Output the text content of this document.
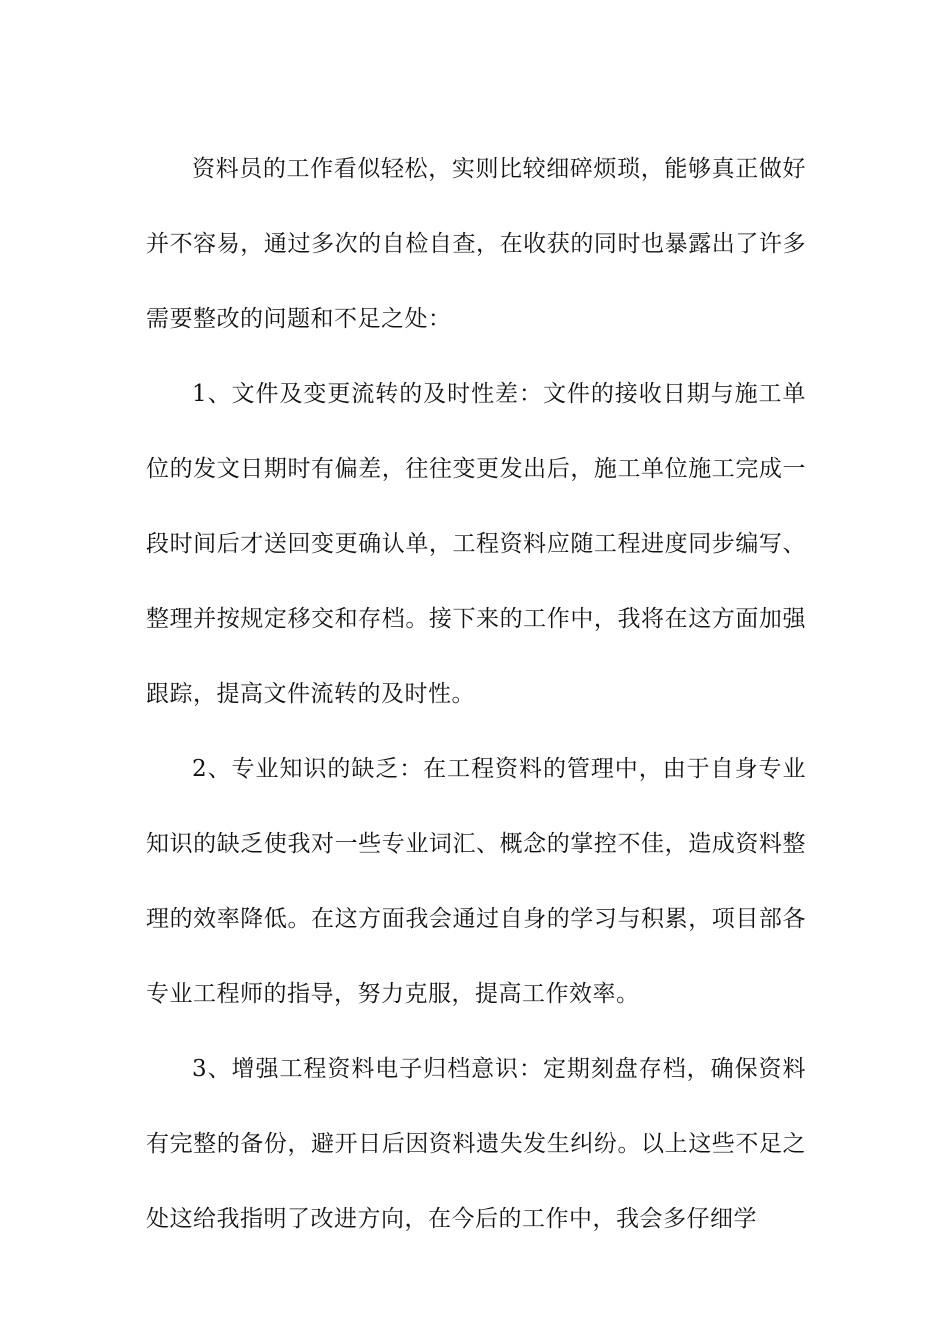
资料员的工作看似轻松，实则比较细碎烦琐，能够真正做好并不容易，通过多次的自检自查，在收获的同时也暴露出了许多需要整改的问题和不足之处：

1、文件及变更流转的及时性差：文件的接收日期与施工单位的发文日期时有偏差，往往变更发出后，施工单位施工完成一段时间后才送回变更确认单，工程资料应随工程进度同步编写、整理并按规定移交和存档。接下来的工作中，我将在这方面加强跟踪，提高文件流转的及时性。

2、专业知识的缺乏：在工程资料的管理中，由于自身专业知识的缺乏使我对一些专业词汇、概念的掌控不佳，造成资料整理的效率降低。在这方面我会通过自身的学习与积累，项目部各专业工程师的指导，努力克服，提高工作效率。

3、增强工程资料电子归档意识：定期刻盘存档，确保资料有完整的备份，避开日后因资料遗失发生纠纷。以上这些不足之处这给我指明了改进方向，在今后的工作中，我会多仔细学
